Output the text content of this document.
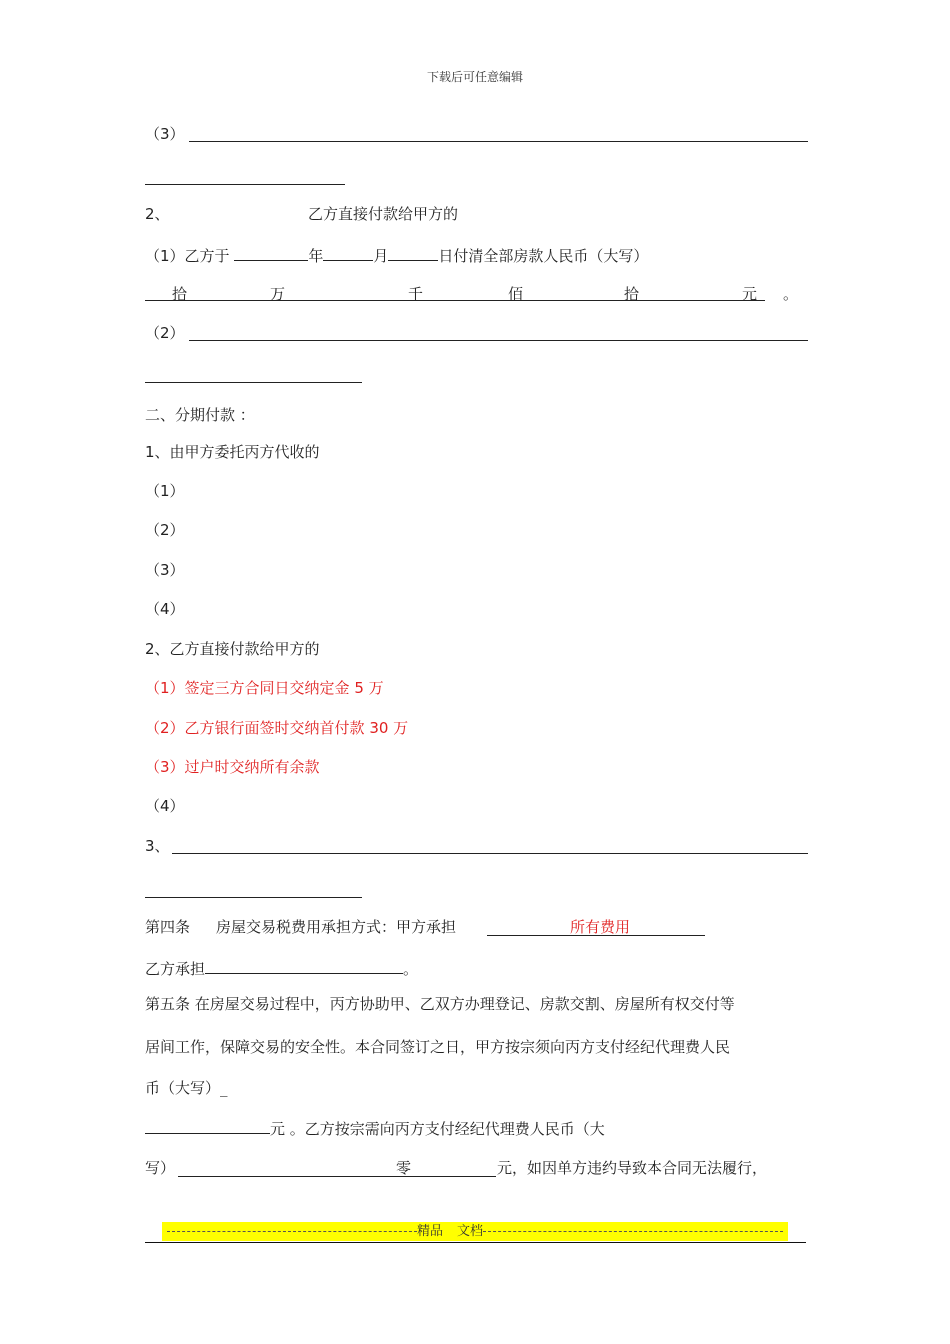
下载后可任意编辑
（3）
2、	乙方直接付款给甲方的
（1）乙方于	年	月	日付清全部房款人民币（大写）
拾	万	千	佰	拾	元 。
（2）
二、分期付款 ：
1、由甲方委托丙方代收的
（1）
（2）
（3）
（4）
2、乙方直接付款给甲方的
（1）签定三方合同日交纳定金 5 万
（2）乙方银行面签时交纳首付款 30 万
（3）过户时交纳所有余款
（4）
3、
第四条 房屋交易税费用承担方式：甲方承担	所有费用
乙方承担	。
第五条 在房屋交易过程中，丙方协助甲、乙双方办理登记、房款交割、房屋所有权交付等
居间工作，保障交易的安全性。本合同签订之日，甲方按宗须向丙方支付经纪代理费人民
币（大写）_
元 。乙方按宗需向丙方支付经纪代理费人民币（大
写）	零	元，如因单方违约导致本合同无法履行，
精品 文档
